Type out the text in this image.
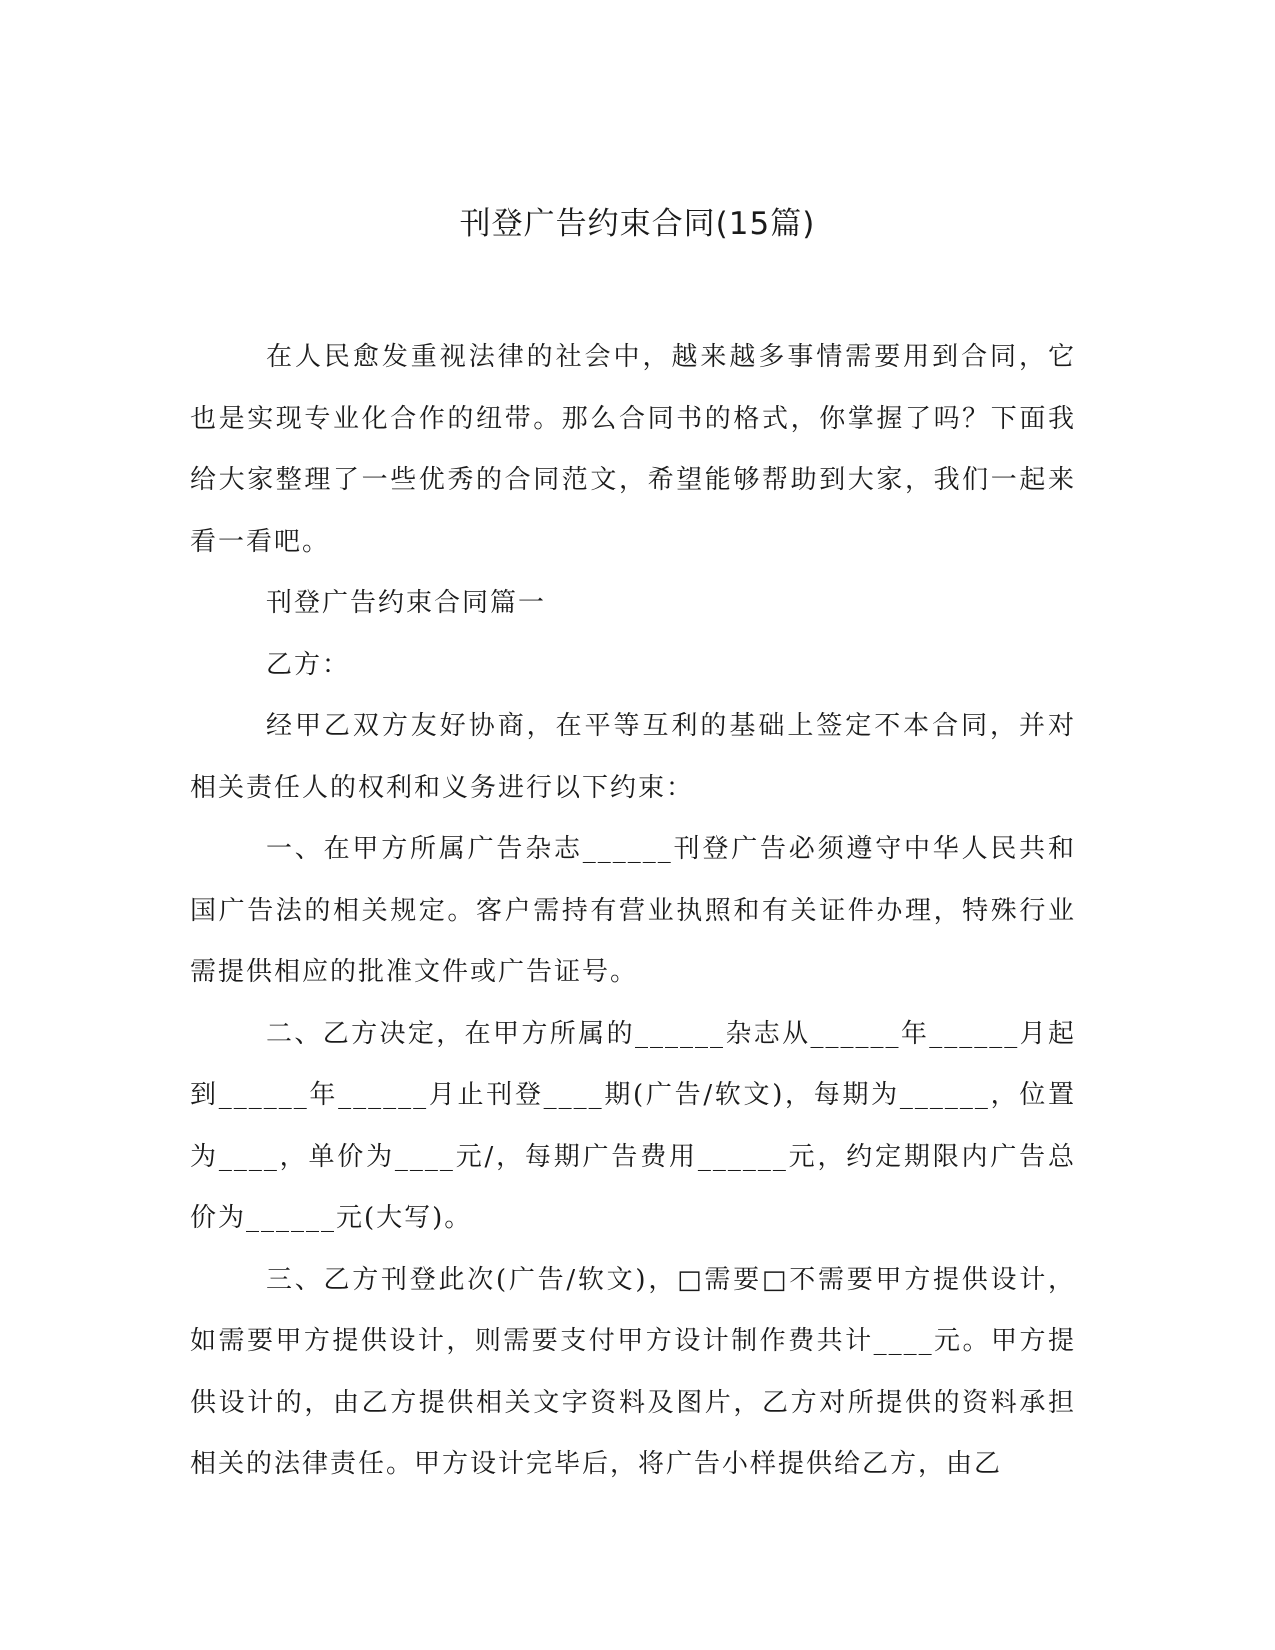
刊登广告约束合同(15篇)

在人民愈发重视法律的社会中，越来越多事情需要用到合同，它也是实现专业化合作的纽带。那么合同书的格式，你掌握了吗？下面我给大家整理了一些优秀的合同范文，希望能够帮助到大家，我们一起来看一看吧。

刊登广告约束合同篇一

乙方：

经甲乙双方友好协商，在平等互利的基础上签定不本合同，并对相关责任人的权利和义务进行以下约束：

一、在甲方所属广告杂志______刊登广告必须遵守中华人民共和国广告法的相关规定。客户需持有营业执照和有关证件办理，特殊行业需提供相应的批准文件或广告证号。

二、乙方决定，在甲方所属的______杂志从______年______月起到______年______月止刊登____期(广告/软文)，每期为______，位置为____，单价为____元/，每期广告费用______元，约定期限内广告总价为______元(大写)。

三、乙方刊登此次(广告/软文)，□需要□不需要甲方提供设计，如需要甲方提供设计，则需要支付甲方设计制作费共计____元。甲方提供设计的，由乙方提供相关文字资料及图片，乙方对所提供的资料承担相关的法律责任。甲方设计完毕后，将广告小样提供给乙方，由乙
